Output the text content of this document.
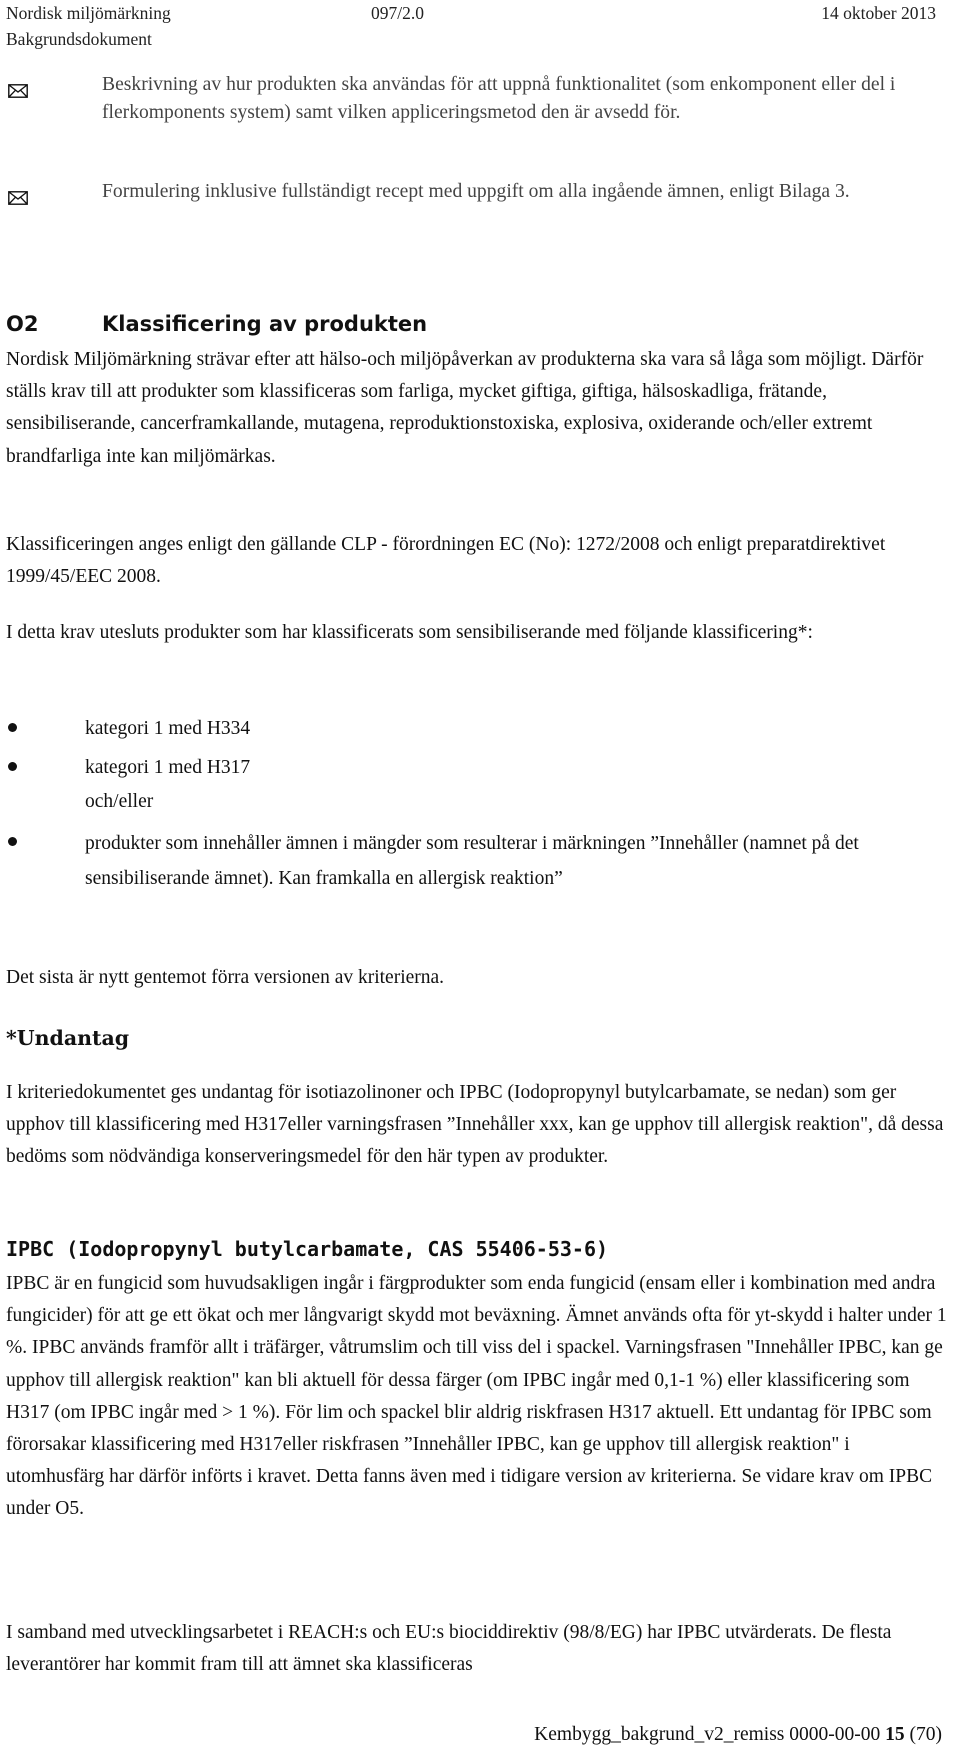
Nordisk miljömärkning	097/2.0	14 oktober 2013
Bakgrundsdokument

Beskrivning av hur produkten ska användas för att uppnå funktionalitet (som enkomponent eller del i flerkomponents system) samt vilken appliceringsmetod den är avsedd för.

Formulering inklusive fullständigt recept med uppgift om alla ingående ämnen, enligt Bilaga 3.

O2	Klassificering av produkten

Nordisk Miljömärkning strävar efter att hälso-och miljöpåverkan av produkterna ska vara så låga som möjligt. Därför ställs krav till att produkter som klassificeras som farliga, mycket giftiga, giftiga, hälsoskadliga, frätande, sensibiliserande, cancerframkallande, mutagena, reproduktionstoxiska, explosiva, oxiderande och/eller extremt brandfarliga inte kan miljömärkas.

Klassificeringen anges enligt den gällande CLP - förordningen EC (No): 1272/2008 och enligt preparatdirektivet 1999/45/EEC 2008.

I detta krav utesluts produkter som har klassificerats som sensibiliserande med följande klassificering*:

kategori 1 med H334

kategori 1 med H317

och/eller

produkter som innehåller ämnen i mängder som resulterar i märkningen ”Innehåller (namnet på det sensibiliserande ämnet). Kan framkalla en allergisk reaktion”

Det sista är nytt gentemot förra versionen av kriterierna.

*Undantag

I kriteriedokumentet ges undantag för isotiazolinoner och IPBC (Iodopropynyl butylcarbamate, se nedan) som ger upphov till klassificering med H317eller varningsfrasen ”Innehåller xxx, kan ge upphov till allergisk reaktion", då dessa bedöms som nödvändiga konserveringsmedel för den här typen av produkter.

IPBC (Iodopropynyl butylcarbamate, CAS 55406-53-6)

IPBC är en fungicid som huvudsakligen ingår i färgprodukter som enda fungicid (ensam eller i kombination med andra fungicider) för att ge ett ökat och mer långvarigt skydd mot beväxning. Ämnet används ofta för yt-skydd i halter under 1 %. IPBC används framför allt i träfärger, våtrumslim och till viss del i spackel. Varningsfrasen "Innehåller IPBC, kan ge upphov till allergisk reaktion" kan bli aktuell för dessa färger (om IPBC ingår med 0,1-1 %) eller klassificering som H317 (om IPBC ingår med > 1 %). För lim och spackel blir aldrig riskfrasen H317 aktuell. Ett undantag för IPBC som förorsakar klassificering med H317eller riskfrasen ”Innehåller IPBC, kan ge upphov till allergisk reaktion" i utomhusfärg har därför införts i kravet. Detta fanns även med i tidigare version av kriterierna. Se vidare krav om IPBC under O5.

I samband med utvecklingsarbetet i REACH:s och EU:s biociddirektiv (98/8/EG) har IPBC utvärderats. De flesta leverantörer har kommit fram till att ämnet ska klassificeras

Kembygg_bakgrund_v2_remiss 0000-00-00 15 (70)
